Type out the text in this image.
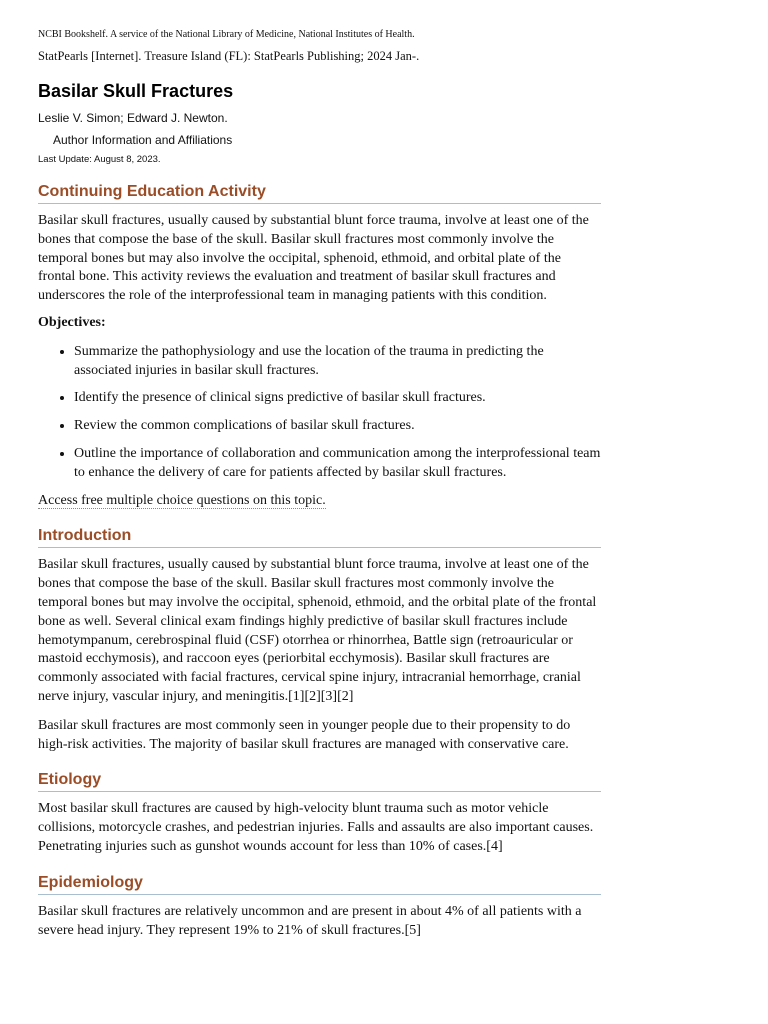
NCBI Bookshelf. A service of the National Library of Medicine, National Institutes of Health.

StatPearls [Internet]. Treasure Island (FL): StatPearls Publishing; 2024 Jan-.

Basilar Skull Fractures

Leslie V. Simon; Edward J. Newton.

Author Information and Affiliations

Last Update: August 8, 2023.

Continuing Education Activity

Basilar skull fractures, usually caused by substantial blunt force trauma, involve at least one of the bones that compose the base of the skull. Basilar skull fractures most commonly involve the temporal bones but may also involve the occipital, sphenoid, ethmoid, and orbital plate of the frontal bone. This activity reviews the evaluation and treatment of basilar skull fractures and underscores the role of the interprofessional team in managing patients with this condition.

Objectives:

• Summarize the pathophysiology and use the location of the trauma in predicting the associated injuries in basilar skull fractures.
• Identify the presence of clinical signs predictive of basilar skull fractures.
• Review the common complications of basilar skull fractures.
• Outline the importance of collaboration and communication among the interprofessional team to enhance the delivery of care for patients affected by basilar skull fractures.

Access free multiple choice questions on this topic.

Introduction

Basilar skull fractures, usually caused by substantial blunt force trauma, involve at least one of the bones that compose the base of the skull. Basilar skull fractures most commonly involve the temporal bones but may involve the occipital, sphenoid, ethmoid, and the orbital plate of the frontal bone as well. Several clinical exam findings highly predictive of basilar skull fractures include hemotympanum, cerebrospinal fluid (CSF) otorrhea or rhinorrhea, Battle sign (retroauricular or mastoid ecchymosis), and raccoon eyes (periorbital ecchymosis). Basilar skull fractures are commonly associated with facial fractures, cervical spine injury, intracranial hemorrhage, cranial nerve injury, vascular injury, and meningitis.[1][2][3][2]

Basilar skull fractures are most commonly seen in younger people due to their propensity to do high-risk activities. The majority of basilar skull fractures are managed with conservative care.

Etiology

Most basilar skull fractures are caused by high-velocity blunt trauma such as motor vehicle collisions, motorcycle crashes, and pedestrian injuries. Falls and assaults are also important causes. Penetrating injuries such as gunshot wounds account for less than 10% of cases.[4]

Epidemiology

Basilar skull fractures are relatively uncommon and are present in about 4% of all patients with a severe head injury. They represent 19% to 21% of skull fractures.[5]
